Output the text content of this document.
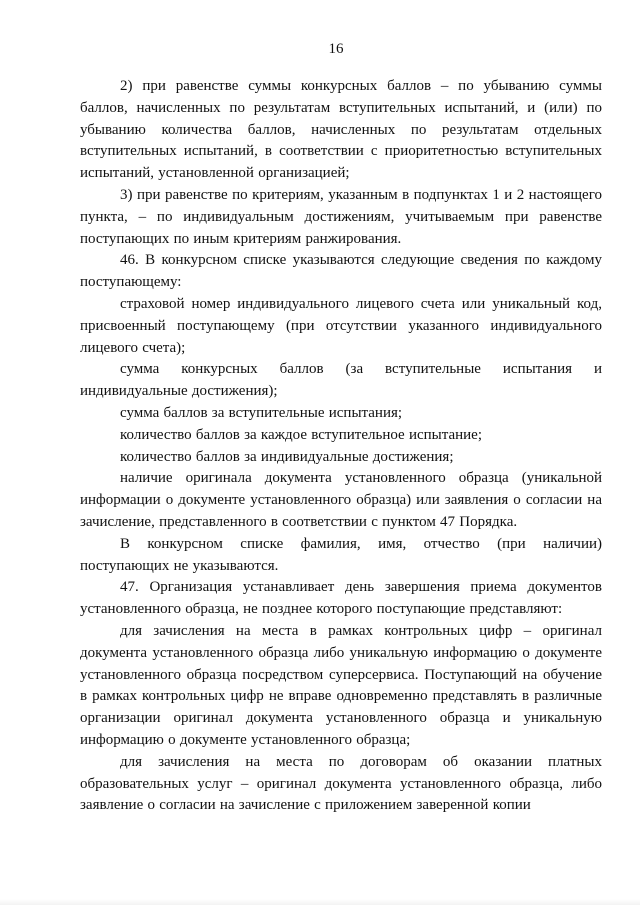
16

2) при равенстве суммы конкурсных баллов – по убыванию суммы баллов, начисленных по результатам вступительных испытаний, и (или) по убыванию количества баллов, начисленных по результатам отдельных вступительных испытаний, в соответствии с приоритетностью вступительных испытаний, установленной организацией;

3) при равенстве по критериям, указанным в подпунктах 1 и 2 настоящего пункта, – по индивидуальным достижениям, учитываемым при равенстве поступающих по иным критериям ранжирования.

46. В конкурсном списке указываются следующие сведения по каждому поступающему:

страховой номер индивидуального лицевого счета или уникальный код, присвоенный поступающему (при отсутствии указанного индивидуального лицевого счета);

сумма конкурсных баллов (за вступительные испытания и индивидуальные достижения);

сумма баллов за вступительные испытания;

количество баллов за каждое вступительное испытание;

количество баллов за индивидуальные достижения;

наличие оригинала документа установленного образца (уникальной информации о документе установленного образца) или заявления о согласии на зачисление, представленного в соответствии с пунктом 47 Порядка.

В конкурсном списке фамилия, имя, отчество (при наличии) поступающих не указываются.

47. Организация устанавливает день завершения приема документов установленного образца, не позднее которого поступающие представляют:

для зачисления на места в рамках контрольных цифр – оригинал документа установленного образца либо уникальную информацию о документе установленного образца посредством суперсервиса. Поступающий на обучение в рамках контрольных цифр не вправе одновременно представлять в различные организации оригинал документа установленного образца и уникальную информацию о документе установленного образца;

для зачисления на места по договорам об оказании платных образовательных услуг – оригинал документа установленного образца, либо заявление о согласии на зачисление с приложением заверенной копии
